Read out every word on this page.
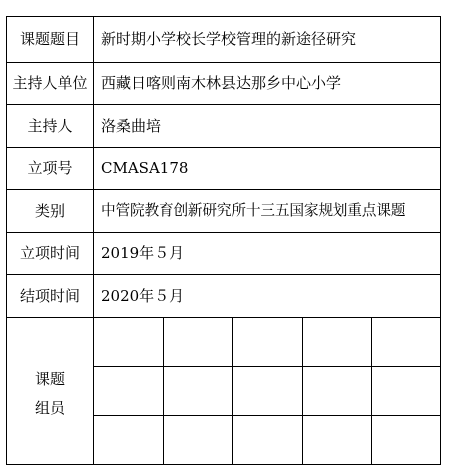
课题题目
主持人单位
主持人
立项号
类别
立项时间
结项时间
新时期小学校长学校管理的新途径研究
西藏日喀则南木林县达那乡中心小学
洛桑曲培
CMASA178
中管院教育创新研究所十三五国家规划重点课题
2019年５月
2020年５月
课题
组员
